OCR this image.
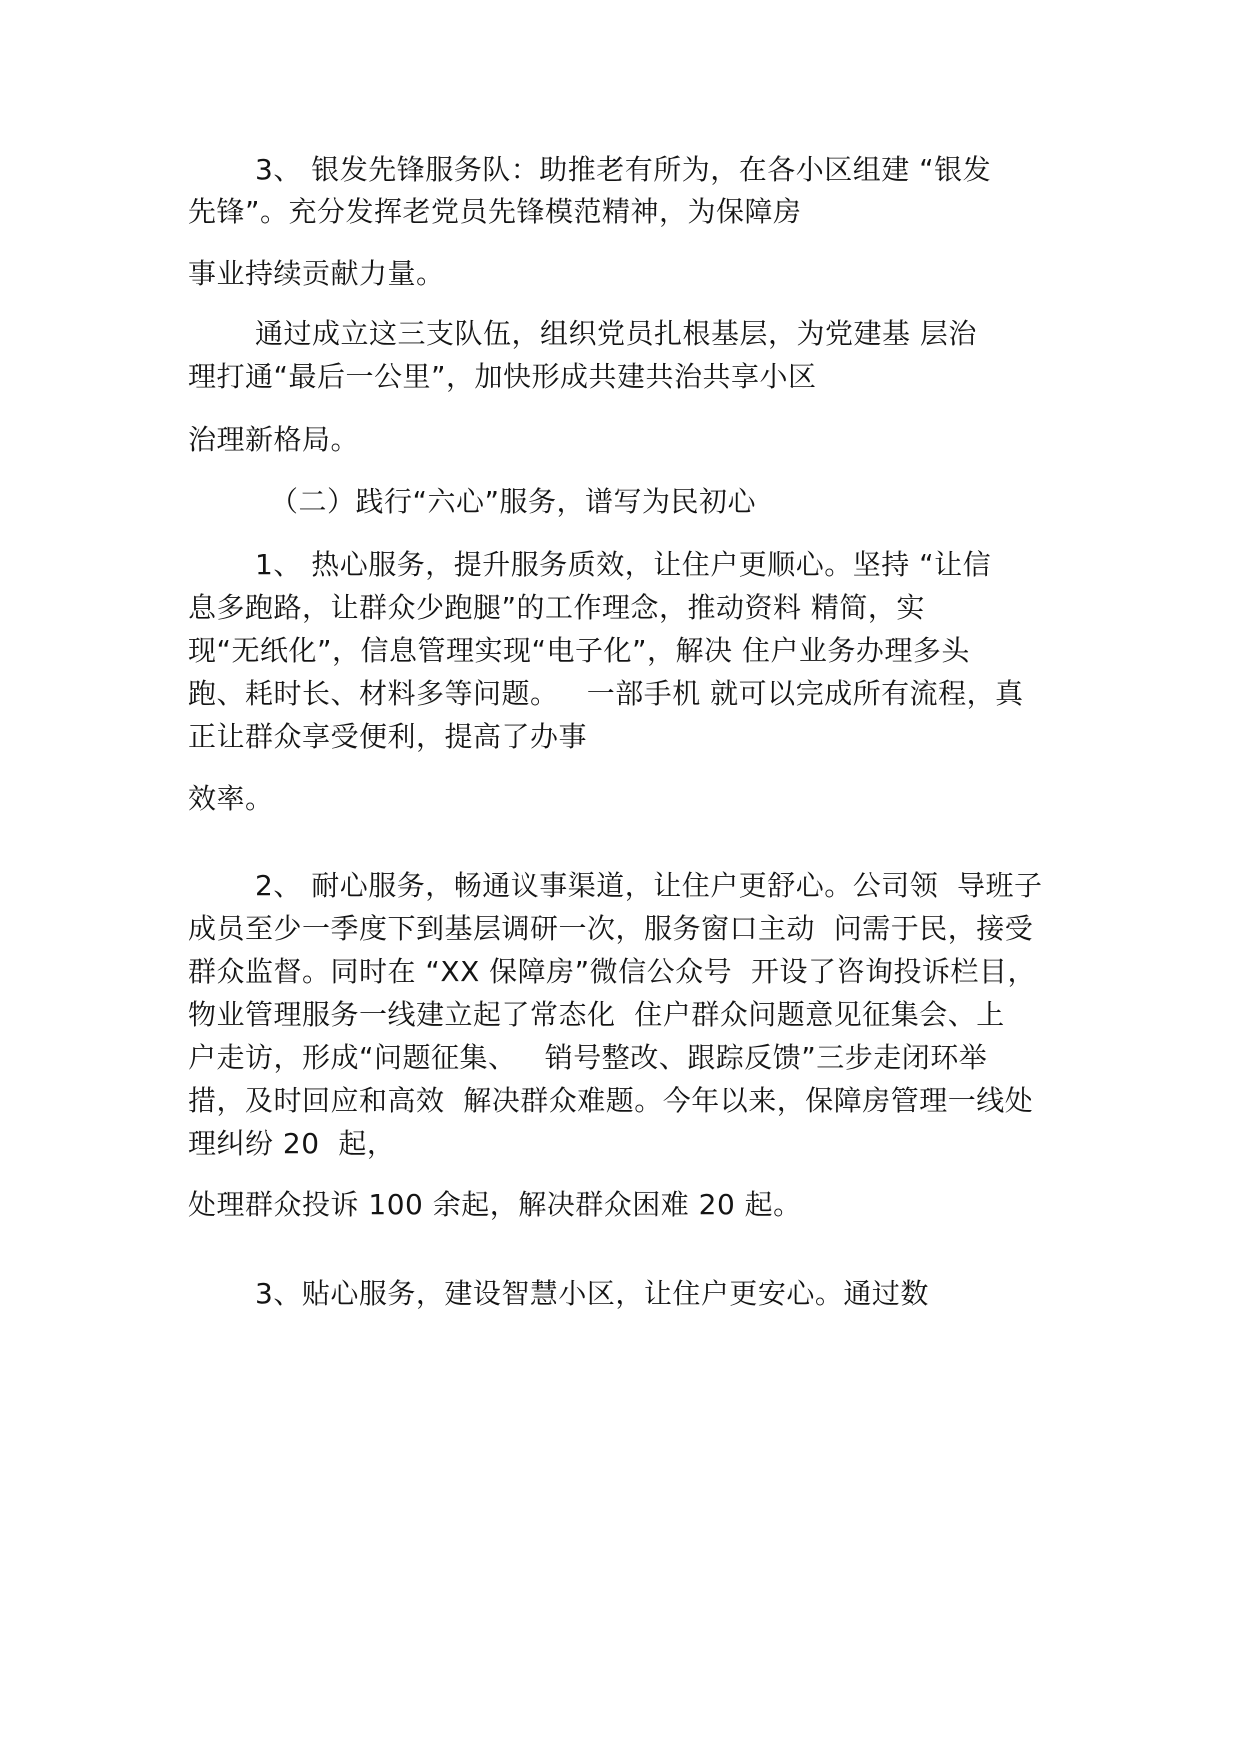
3、 银发先锋服务队：助推老有所为，在各小区组建 “银发
先锋”。充分发挥老党员先锋模范精神，为保障房
事业持续贡献力量。
通过成立这三支队伍，组织党员扎根基层，为党建基 层治
理打通“最后一公里”，加快形成共建共治共享小区
治理新格局。
（二）践行“六心”服务，谱写为民初心
1、 热心服务，提升服务质效，让住户更顺心。坚持 “让信
息多跑路，让群众少跑腿”的工作理念，推动资料 精简，实
现“无纸化”，信息管理实现“电子化”，解决 住户业务办理多头
跑、耗时长、材料多等问题。   一部手机 就可以完成所有流程，真
正让群众享受便利，提高了办事
效率。
2、 耐心服务，畅通议事渠道，让住户更舒心。公司领  导班子
成员至少一季度下到基层调研一次，服务窗口主动  问需于民，接受
群众监督。同时在 “XX 保障房”微信公众号  开设了咨询投诉栏目，
物业管理服务一线建立起了常态化  住户群众问题意见征集会、上
户走访，形成“问题征集、   销号整改、跟踪反馈”三步走闭环举
措，及时回应和高效  解决群众难题。今年以来，保障房管理一线处
理纠纷 20  起，
处理群众投诉 100 余起，解决群众困难 20 起。
3、贴心服务，建设智慧小区，让住户更安心。通过数
